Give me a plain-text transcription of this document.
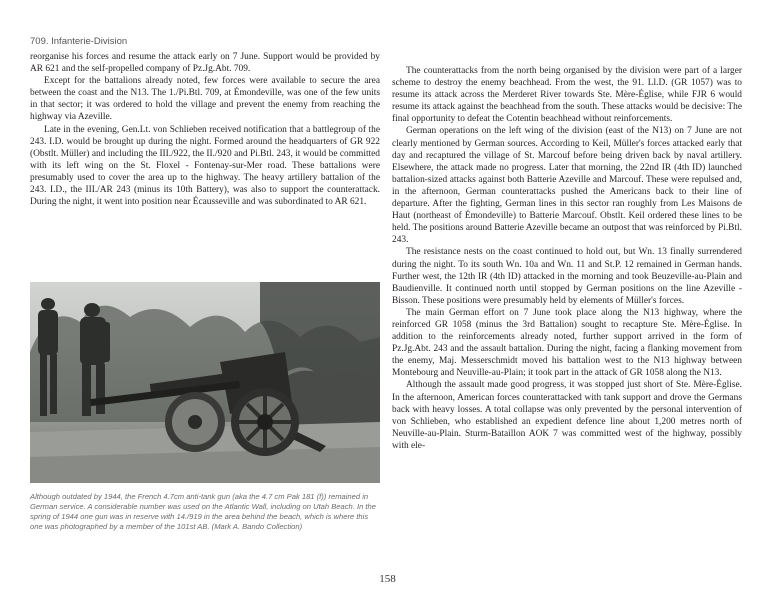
709. Infanterie-Division

reorganise his forces and resume the attack early on 7 June. Support would be provided by AR 621 and the self-propelled company of Pz.Jg.Abt. 709.

Except for the battalions already noted, few forces were available to secure the area between the coast and the N13. The 1./Pi.Btl. 709, at Émondeville, was one of the few units in that sector; it was ordered to hold the village and prevent the enemy from reaching the highway via Azeville.

Late in the evening, Gen.Lt. von Schlieben received notification that a battlegroup of the 243. I.D. would be brought up during the night. Formed around the headquarters of GR 922 (Obstlt. Müller) and including the III./922, the II./920 and Pi.Btl. 243, it would be committed with its left wing on the St. Floxel - Fontenay-sur-Mer road. These battalions were presumably used to cover the area up to the highway. The heavy artillery battalion of the 243. I.D., the III./AR 243 (minus its 10th Battery), was also to support the counterattack. During the night, it went into position near Écausseville and was subordinated to AR 621.

Although outdated by 1944, the French 4.7cm anti-tank gun (aka the 4.7 cm Pak 181 (f)) remained in German service. A considerable number was used on the Atlantic Wall, including on Utah Beach. In the spring of 1944 one gun was in reserve with 14./919 in the area behind the beach, which is where this one was photographed by a member of the 101st AB. (Mark A. Bando Collection)

The counterattacks from the north being organised by the division were part of a larger scheme to destroy the enemy beachhead. From the west, the 91. Ll.D. (GR 1057) was to resume its attack across the Merderet River towards Ste. Mère-Église, while FJR 6 would resume its attack against the beachhead from the south. These attacks would be decisive: The final opportunity to defeat the Cotentin beachhead without reinforcements.

German operations on the left wing of the division (east of the N13) on 7 June are not clearly mentioned by German sources. According to Keil, Müller's forces attacked early that day and recaptured the village of St. Marcouf before being driven back by naval artillery. Elsewhere, the attack made no progress. Later that morning, the 22nd IR (4th ID) launched battalion-sized attacks against both Batterie Azeville and Marcouf. These were repulsed and, in the afternoon, German counterattacks pushed the Americans back to their line of departure. After the fighting, German lines in this sector ran roughly from Les Maisons de Haut (northeast of Émondeville) to Batterie Marcouf. Obstlt. Keil ordered these lines to be held. The positions around Batterie Azeville became an outpost that was reinforced by Pi.Btl. 243.

The resistance nests on the coast continued to hold out, but Wn. 13 finally surrendered during the night. To its south Wn. 10a and Wn. 11 and St.P. 12 remained in German hands. Further west, the 12th IR (4th ID) attacked in the morning and took Beuzeville-au-Plain and Baudienville. It continued north until stopped by German positions on the line Azeville - Bisson. These positions were presumably held by elements of Müller's forces.

The main German effort on 7 June took place along the N13 highway, where the reinforced GR 1058 (minus the 3rd Battalion) sought to recapture Ste. Mère-Église. In addition to the reinforcements already noted, further support arrived in the form of Pz.Jg.Abt. 243 and the assault battalion. During the night, facing a flanking movement from the enemy, Maj. Messerschmidt moved his battalion west to the N13 highway between Montebourg and Neuville-au-Plain; it took part in the attack of GR 1058 along the N13.

Although the assault made good progress, it was stopped just short of Ste. Mère-Église. In the afternoon, American forces counterattacked with tank support and drove the Germans back with heavy losses. A total collapse was only prevented by the personal intervention of von Schlieben, who established an expedient defence line about 1,200 metres north of Neuville-au-Plain. Sturm-Bataillon AOK 7 was committed west of the highway, possibly with ele-

158
